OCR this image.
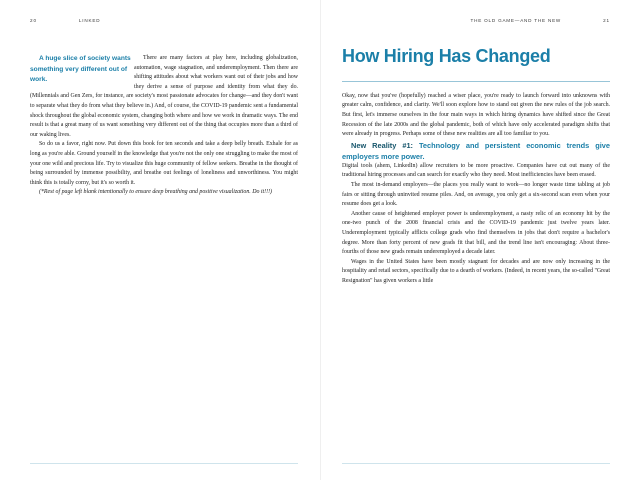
20	LINKED

A huge slice of society wants something very different out of work.

There are many factors at play here, including globalization, automation, wage stagnation, and underemployment. Then there are shifting attitudes about what workers want out of their jobs and how they derive a sense of purpose and identity from what they do. (Millennials and Gen Zers, for instance, are society's most passionate advocates for change—and they don't want to separate what they do from what they believe in.) And, of course, the COVID-19 pandemic sent a fundamental shock throughout the global economic system, changing both where and how we work in dramatic ways. The end result is that a great many of us want something very different out of the thing that occupies more than a third of our waking lives.

So do us a favor, right now. Put down this book for ten seconds and take a deep belly breath. Exhale for as long as you're able. Ground yourself in the knowledge that you're not the only one struggling to make the most of your one wild and precious life. Try to visualize this huge community of fellow seekers. Breathe in the thought of being surrounded by immense possibility, and breathe out feelings of loneliness and unworthiness. You might think this is totally corny, but it's so worth it.

(*Rest of page left blank intentionally to ensure deep breathing and positive visualization. Do it!!!)

THE OLD GAME—AND THE NEW	21
How Hiring Has Changed

Okay, now that you've (hopefully) reached a wiser place, you're ready to launch forward into unknowns with greater calm, confidence, and clarity. We'll soon explore how to stand out given the new rules of the job search. But first, let's immerse ourselves in the four main ways in which hiring dynamics have shifted since the Great Recession of the late 2000s and the global pandemic, both of which have only accelerated paradigm shifts that were already in progress. Perhaps some of these new realities are all too familiar to you.

New Reality #1: Technology and persistent economic trends give employers more power.

Digital tools (ahem, LinkedIn) allow recruiters to be more proactive. Companies have cut out many of the traditional hiring processes and can search for exactly who they need. Most inefficiencies have been erased.

The most in-demand employers—the places you really want to work—no longer waste time tabling at job fairs or sitting through uninvited resume piles. And, on average, you only get a six-second scan even when your resume does get a look.

Another cause of heightened employer power is underemployment, a nasty relic of an economy hit by the one-two punch of the 2008 financial crisis and the COVID-19 pandemic just twelve years later. Underemployment typically afflicts college grads who find themselves in jobs that don't require a bachelor's degree. More than forty percent of new grads fit that bill, and the trend line isn't encouraging: About three-fourths of those new grads remain underemployed a decade later.

Wages in the United States have been mostly stagnant for decades and are now only increasing in the hospitality and retail sectors, specifically due to a dearth of workers. (Indeed, in recent years, the so-called "Great Resignation" has given workers a little
